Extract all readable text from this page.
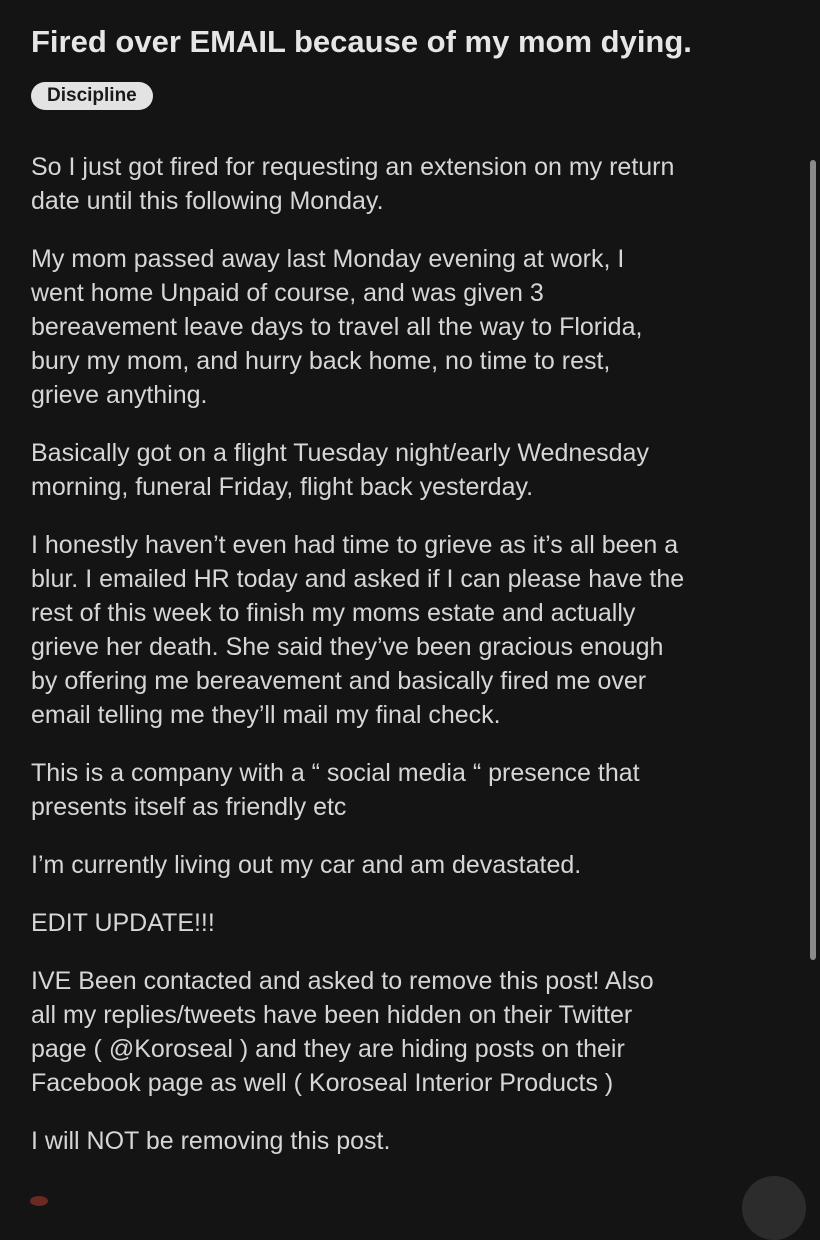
Fired over EMAIL because of my mom dying.
Discipline

So I just got fired for requesting an extension on my return
date until this following Monday.

My mom passed away last Monday evening at work, I
went home Unpaid of course, and was given 3
bereavement leave days to travel all the way to Florida,
bury my mom, and hurry back home, no time to rest,
grieve anything.

Basically got on a flight Tuesday night/early Wednesday
morning, funeral Friday, flight back yesterday.

I honestly haven’t even had time to grieve as it’s all been a
blur. I emailed HR today and asked if I can please have the
rest of this week to finish my moms estate and actually
grieve her death. She said they’ve been gracious enough
by offering me bereavement and basically fired me over
email telling me they’ll mail my final check.

This is a company with a “ social media “ presence that
presents itself as friendly etc

I’m currently living out my car and am devastated.

EDIT UPDATE!!!

IVE Been contacted and asked to remove this post! Also
all my replies/tweets have been hidden on their Twitter
page ( @Koroseal ) and they are hiding posts on their
Facebook page as well ( Koroseal Interior Products )

I will NOT be removing this post.
